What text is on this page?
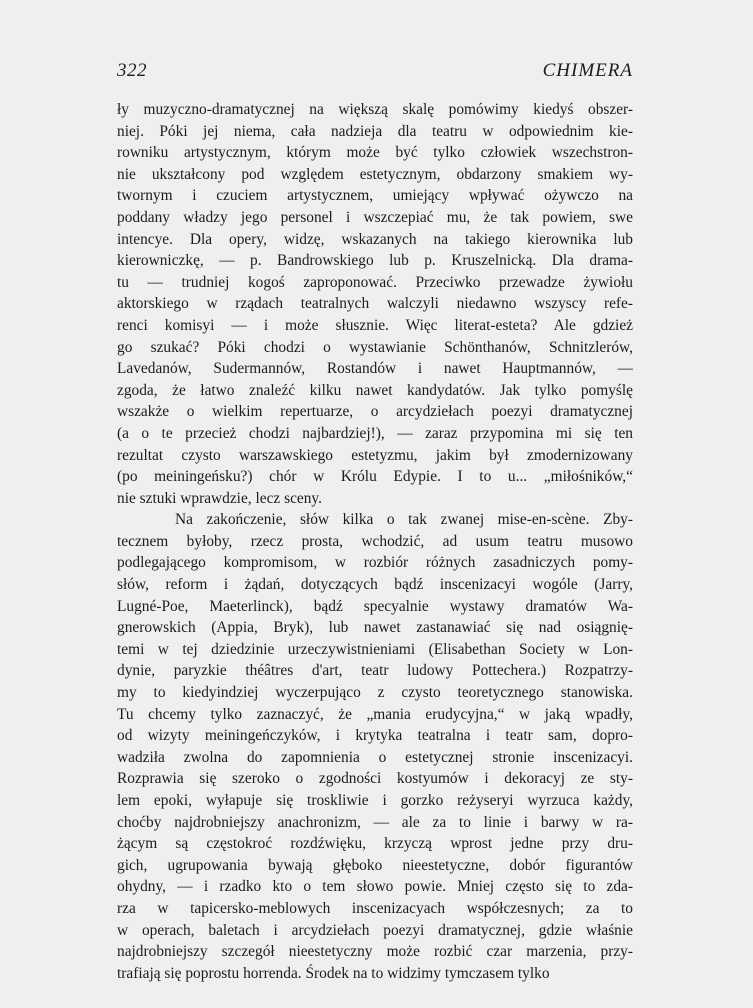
322	CHIMERA
ły muzyczno-dramatycznej na większą skalę pomówimy kiedyś obszer-
niej. Póki jej niema, cała nadzieja dla teatru w odpowiednim kie-
rowniku artystycznym, którym może być tylko człowiek wszechstron-
nie ukształcony pod względem estetycznym, obdarzony smakiem wy-
twornym i czuciem artystycznem, umiejący wpływać ożywczo na
poddany władzy jego personel i wszczepiać mu, że tak powiem, swe
intencye. Dla opery, widzę, wskazanych na takiego kierownika lub
kierowniczkę, — p. Bandrowskiego lub p. Kruszelnicką. Dla drama-
tu — trudniej kogoś zaproponować. Przeciwko przewadze żywiołu
aktorskiego w rządach teatralnych walczyli niedawno wszyscy refe-
renci komisyi — i może słusznie. Więc literat-esteta? Ale gdzież
go szukać? Póki chodzi o wystawianie Schönthanów, Schnitzlerów,
Lavedanów, Sudermannów, Rostandów i nawet Hauptmannów, —
zgoda, że łatwo znaleźć kilku nawet kandydatów. Jak tylko pomyślę
wszakże o wielkim repertuarze, o arcydziełach poezyi dramatycznej
(a o te przecież chodzi najbardziej!), — zaraz przypomina mi się ten
rezultat czysto warszawskiego estetyzmu, jakim był zmodernizowany
(po meiningeńsku?) chór w Królu Edypie. I to u... „miłośników,“
nie sztuki wprawdzie, lecz sceny.
Na zakończenie, słów kilka o tak zwanej mise-en-scène. Zby-
tecznem byłoby, rzecz prosta, wchodzić, ad usum teatru musowo
podlegającego kompromisom, w rozbiór różnych zasadniczych pomy-
słów, reform i żądań, dotyczących bądź inscenizacyi wogóle (Jarry,
Lugné-Poe, Maeterlinck), bądź specyalnie wystawy dramatów Wa-
gnerowskich (Appia, Bryk), lub nawet zastanawiać się nad osiągnię-
temi w tej dziedzinie urzeczywistnieniami (Elisabethan Society w Lon-
dynie, paryzkie théâtres d'art, teatr ludowy Pottechera.) Rozpatrzy-
my to kiedyindziej wyczerpująco z czysto teoretycznego stanowiska.
Tu chcemy tylko zaznaczyć, że „mania erudycyjna,“ w jaką wpadły,
od wizyty meiningeńczyków, i krytyka teatralna i teatr sam, dopro-
wadziła zwolna do zapomnienia o estetycznej stronie inscenizacyi.
Rozprawia się szeroko o zgodności kostyumów i dekoracyj ze sty-
lem epoki, wyłapuje się troskliwie i gorzko reżyseryi wyrzuca każdy,
choćby najdrobniejszy anachronizm, — ale za to linie i barwy w ra-
żącym są częstokroć rozdźwięku, krzyczą wprost jedne przy dru-
gich, ugrupowania bywają głęboko nieestetyczne, dobór figurantów
ohydny, — i rzadko kto o tem słowo powie. Mniej często się to zda-
rza w tapicersko-meblowych inscenizacyach współczesnych; za to
w operach, baletach i arcydziełach poezyi dramatycznej, gdzie właśnie
najdrobniejszy szczegół nieestetyczny może rozbić czar marzenia, przy-
trafiają się poprostu horrenda. Środek na to widzimy tymczasem tylko
